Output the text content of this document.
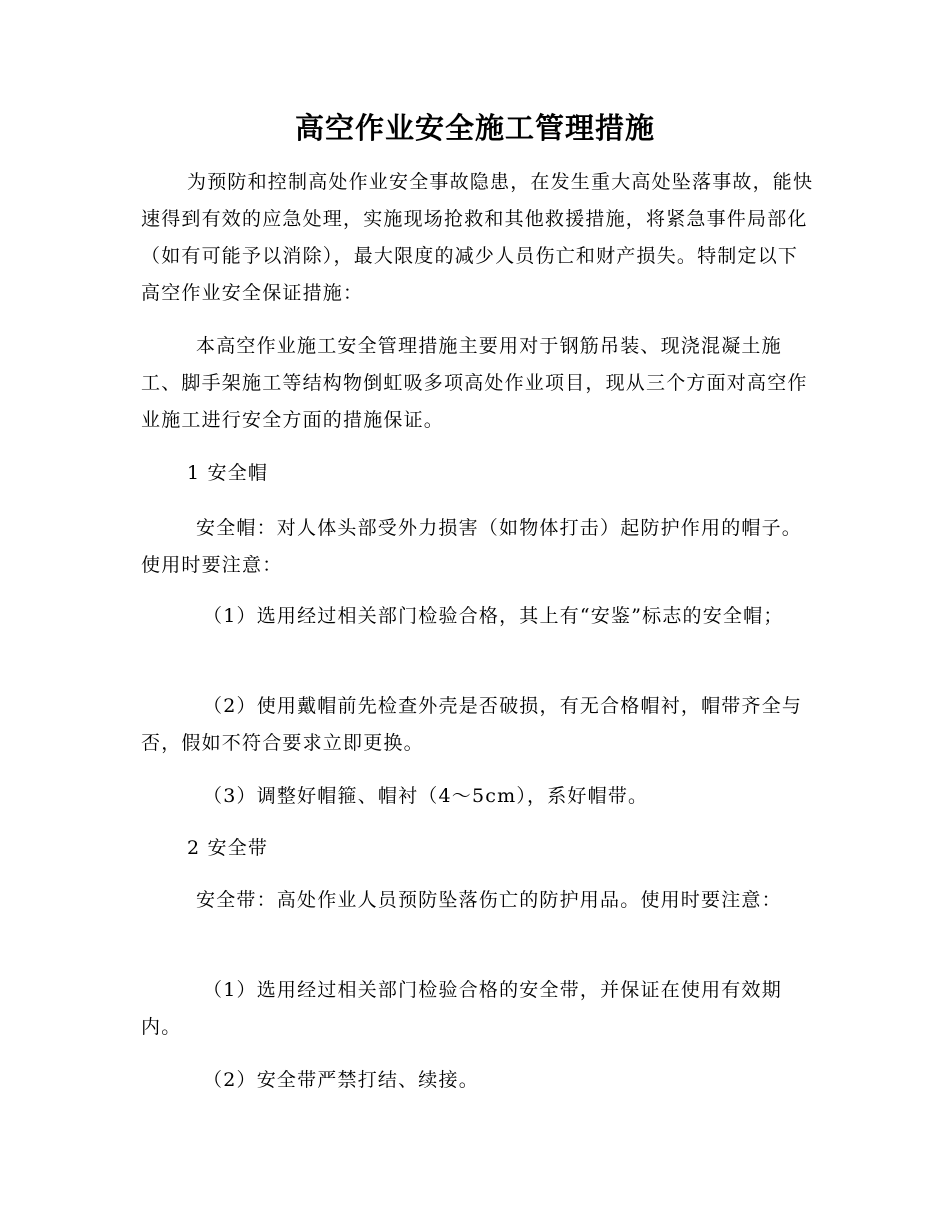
高空作业安全施工管理措施

为预防和控制高处作业安全事故隐患，在发生重大高处坠落事故，能快速得到有效的应急处理，实施现场抢救和其他救援措施，将紧急事件局部化（如有可能予以消除），最大限度的减少人员伤亡和财产损失。特制定以下高空作业安全保证措施：

本高空作业施工安全管理措施主要用对于钢筋吊装、现浇混凝土施工、脚手架施工等结构物倒虹吸多项高处作业项目，现从三个方面对高空作业施工进行安全方面的措施保证。

1 安全帽

安全帽：对人体头部受外力损害（如物体打击）起防护作用的帽子。使用时要注意：

（1）选用经过相关部门检验合格，其上有“安鉴”标志的安全帽；

（2）使用戴帽前先检查外壳是否破损，有无合格帽衬，帽带齐全与否，假如不符合要求立即更换。

（3）调整好帽箍、帽衬（4～5cm），系好帽带。

2 安全带

安全带：高处作业人员预防坠落伤亡的防护用品。使用时要注意：

（1）选用经过相关部门检验合格的安全带，并保证在使用有效期内。

（2）安全带严禁打结、续接。
